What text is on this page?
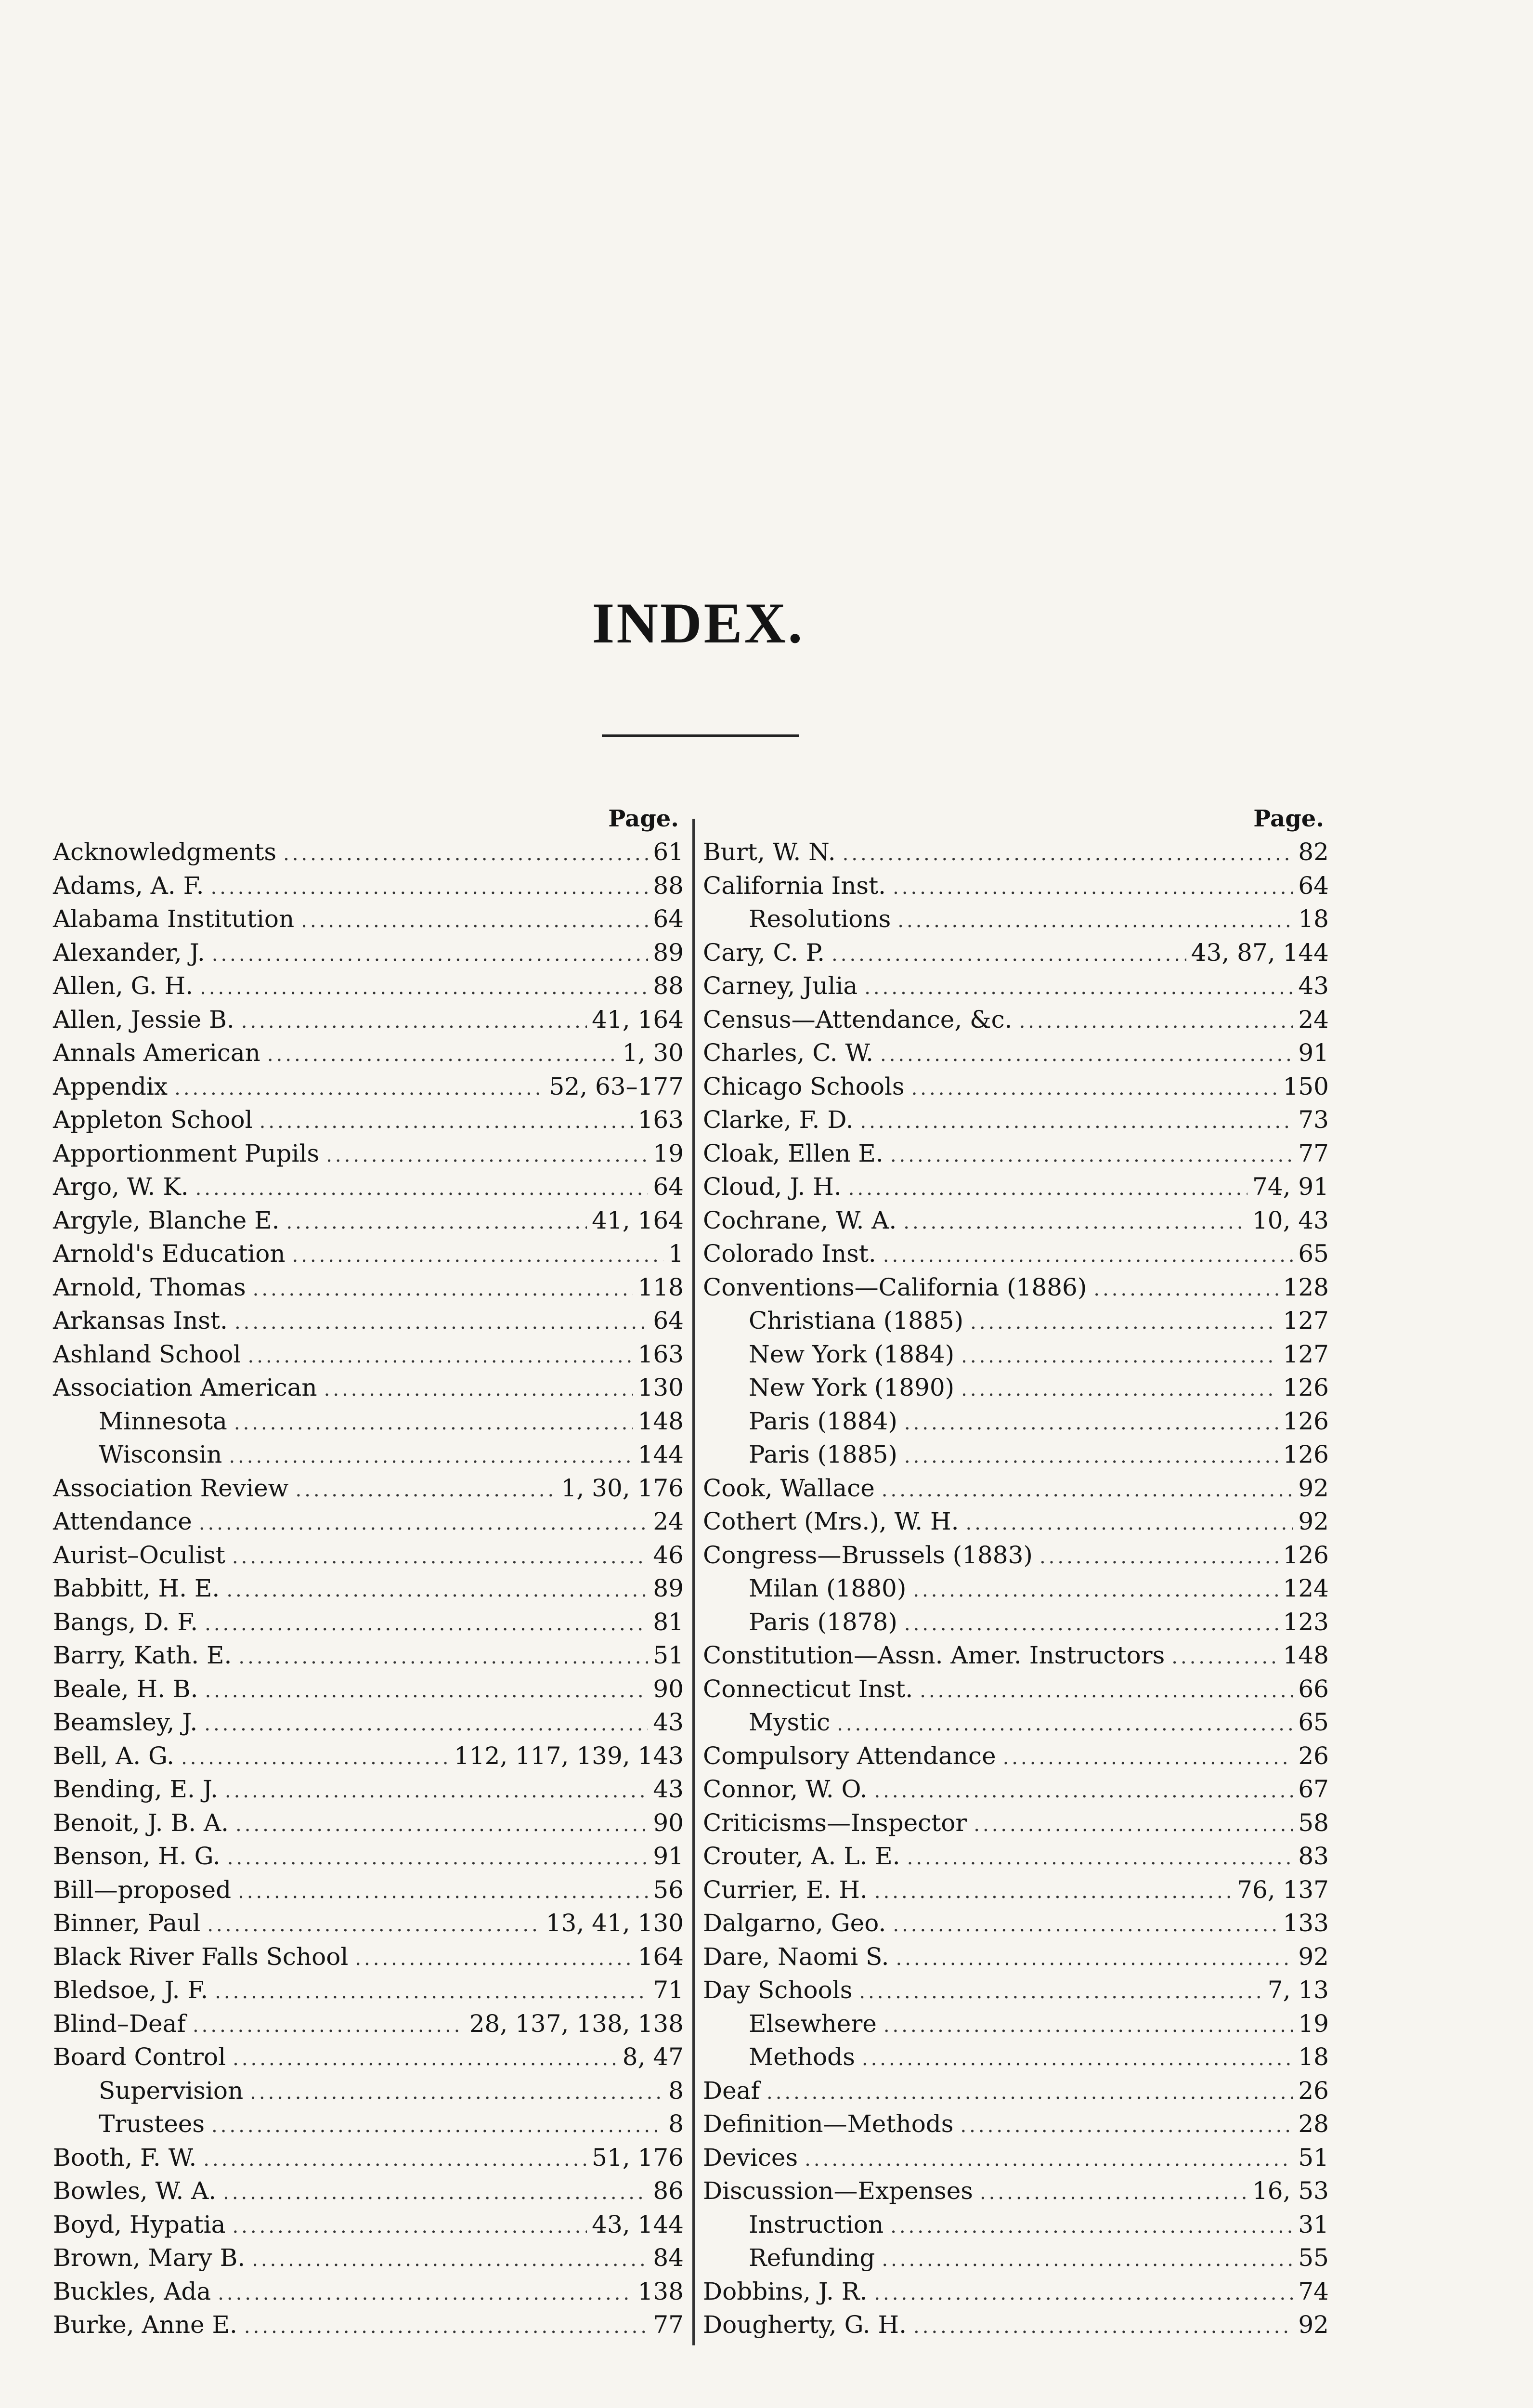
INDEX.
Page.
Acknowledgments .....	61
Adams, A. F. .....	88
Alabama Institution .....	64
Alexander, J. .....	89
Allen, G. H. .....	88
Allen, Jessie B. .....	41, 164
Annals American .....	1, 30
Appendix .....	52, 63–177
Appleton School .....	163
Apportionment Pupils .....	19
Argo, W. K. .....	64
Argyle, Blanche E. .....	41, 164
Arnold's Education .....	1
Arnold, Thomas .....	118
Arkansas Inst. .....	64
Ashland School .....	163
Association American .....	130
Minnesota .....	148
Wisconsin .....	144
Association Review .....	1, 30, 176
Attendance .....	24
Aurist–Oculist .....	46
Babbitt, H. E. .....	89
Bangs, D. F. .....	81
Barry, Kath. E. .....	51
Beale, H. B. .....	90
Beamsley, J. .....	43
Bell, A. G. .....	112, 117, 139, 143
Bending, E. J. .....	43
Benoit, J. B. A. .....	90
Benson, H. G. .....	91
Bill—proposed .....	56
Binner, Paul .....	13, 41, 130
Black River Falls School .....	164
Bledsoe, J. F. .....	71
Blind–Deaf .....	28, 137, 138, 138
Board Control .....	8, 47
Supervision .....	8
Trustees .....	8
Booth, F. W. .....	51, 176
Bowles, W. A. .....	86
Boyd, Hypatia .....	43, 144
Brown, Mary B. .....	84
Buckles, Ada .....	138
Burke, Anne E. .....	77
Page.
Burt, W. N. .....	82
California Inst. .....	64
Resolutions .....	18
Cary, C. P. .....	43, 87, 144
Carney, Julia .....	43
Census—Attendance, &c. .....	24
Charles, C. W. .....	91
Chicago Schools .....	150
Clarke, F. D. .....	73
Cloak, Ellen E. .....	77
Cloud, J. H. .....	74, 91
Cochrane, W. A. .....	10, 43
Colorado Inst. .....	65
Conventions—California (1886) .....	128
Christiana (1885) .....	127
New York (1884) .....	127
New York (1890) .....	126
Paris (1884) .....	126
Paris (1885) .....	126
Cook, Wallace .....	92
Cothert (Mrs.), W. H. .....	92
Congress—Brussels (1883) .....	126
Milan (1880) .....	124
Paris (1878) .....	123
Constitution—Assn. Amer. Instructors .....	148
Connecticut Inst. .....	66
Mystic .....	65
Compulsory Attendance .....	26
Connor, W. O. .....	67
Criticisms—Inspector .....	58
Crouter, A. L. E. .....	83
Currier, E. H. .....	76, 137
Dalgarno, Geo. .....	133
Dare, Naomi S. .....	92
Day Schools .....	7, 13
Elsewhere .....	19
Methods .....	18
Deaf .....	26
Definition—Methods .....	28
Devices .....	51
Discussion—Expenses .....	16, 53
Instruction .....	31
Refunding .....	55
Dobbins, J. R. .....	74
Dougherty, G. H. .....	92
